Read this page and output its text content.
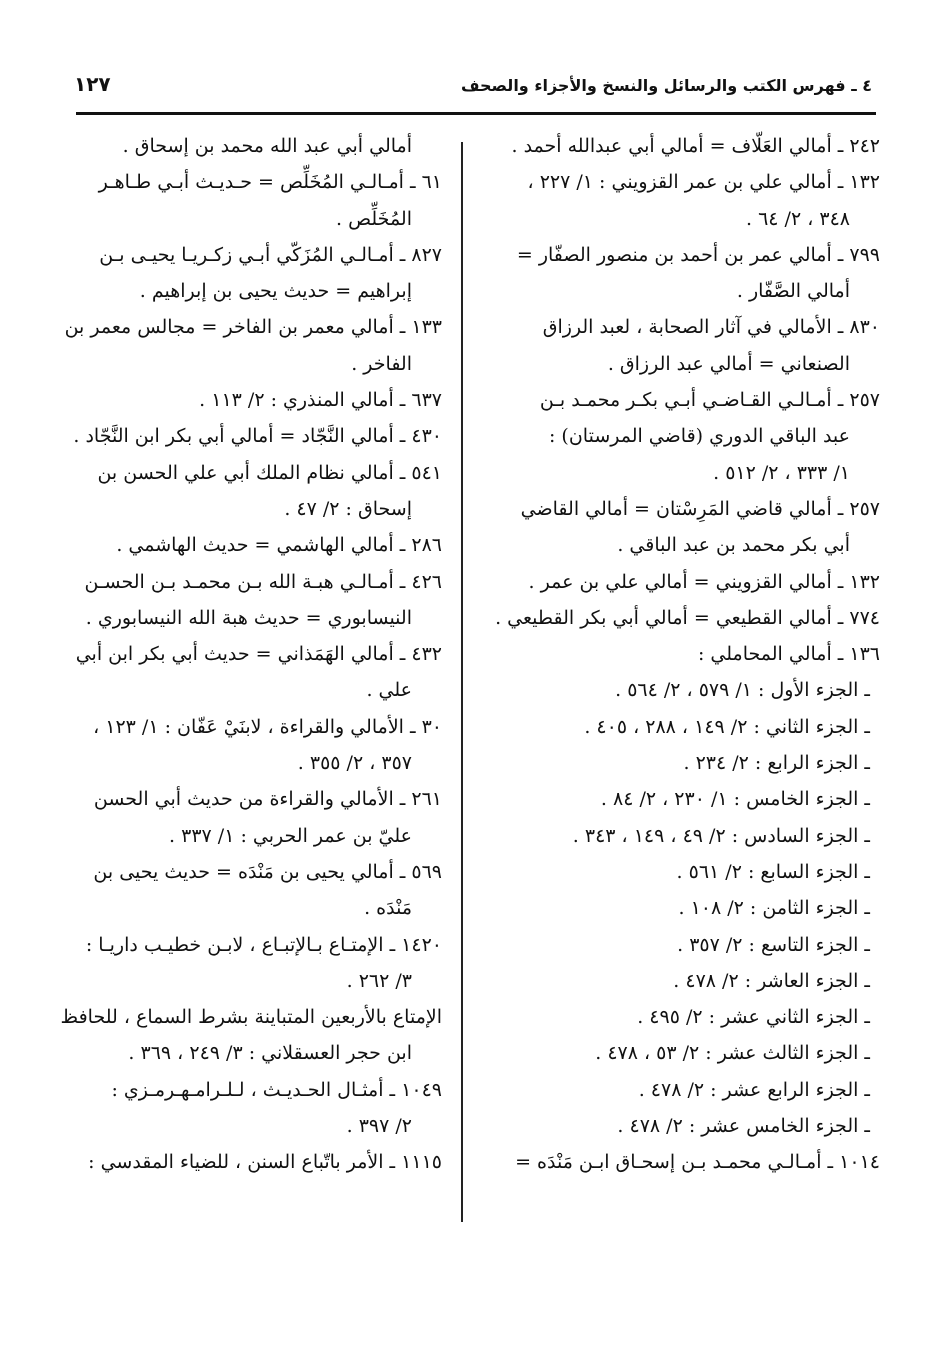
١٢٧	٤ ـ فهرس الكتب والرسائل والنسخ والأجزاء والصحف
٢٤٢ ـ أمالي العَلّاف = أمالي أبي عبدالله أحمد .
١٣٢ ـ أمالي علي بن عمر القزويني : ١/ ٢٢٧ ،
٣٤٨ ، ٢/ ٦٤ .
٧٩٩ ـ أمالي عمر بن أحمد بن منصور الصفّار =
أمالي الصَّفّار .
٨٣٠ ـ الأمالي في آثار الصحابة ، لعبد الرزاق
الصنعاني = أمالي عبد الرزاق .
٢٥٧ ـ أمـالـي القـاضـي أبـي بكـر محمـد بـن
عبد الباقي الدوري (قاضي المرستان) :
١/ ٣٣٣ ، ٢/ ٥١٢ .
٢٥٧ ـ أمالي قاضي المَرِسْتان = أمالي القاضي
أبي بكر محمد بن عبد الباقي .
١٣٢ ـ أمالي القزويني = أمالي علي بن عمر .
٧٧٤ ـ أمالي القطيعي = أمالي أبي بكر القطيعي .
١٣٦ ـ أمالي المحاملي :
ـ الجزء الأول : ١/ ٥٧٩ ، ٢/ ٥٦٤ .
ـ الجزء الثاني : ٢/ ١٤٩ ، ٢٨٨ ، ٤٠٥ .
ـ الجزء الرابع : ٢/ ٢٣٤ .
ـ الجزء الخامس : ١/ ٢٣٠ ، ٢/ ٨٤ .
ـ الجزء السادس : ٢/ ٤٩ ، ١٤٩ ، ٣٤٣ .
ـ الجزء السابع : ٢/ ٥٦١ .
ـ الجزء الثامن : ٢/ ١٠٨ .
ـ الجزء التاسع : ٢/ ٣٥٧ .
ـ الجزء العاشر : ٢/ ٤٧٨ .
ـ الجزء الثاني عشر : ٢/ ٤٩٥ .
ـ الجزء الثالث عشر : ٢/ ٥٣ ، ٤٧٨ .
ـ الجزء الرابع عشر : ٢/ ٤٧٨ .
ـ الجزء الخامس عشر : ٢/ ٤٧٨ .
١٠١٤ ـ أمـالـي محمـد بـن إسحـاق ابـن مَنْدَه =
أمالي أبي عبد الله محمد بن إسحاق .
٦١ ـ أمـالـي المُخَلِّص = حـديـث أبـي طـاهـر
المُخَلِّص .
٨٢٧ ـ أمـالـي المُزَكّي أبـي زكـريـا يحيـى بـن
إبراهيم = حديث يحيى بن إبراهيم .
١٣٣ ـ أمالي معمر بن الفاخر = مجالس معمر بن
الفاخر .
٦٣٧ ـ أمالي المنذري : ٢/ ١١٣ .
٤٣٠ ـ أمالي النَّجّاد = أمالي أبي بكر ابن النَّجّاد .
٥٤١ ـ أمالي نظام الملك أبي علي الحسن بن
إسحاق : ٢/ ٤٧ .
٢٨٦ ـ أمالي الهاشمي = حديث الهاشمي .
٤٢٦ ـ أمـالـي هبـة الله بـن محمـد بـن الحسـن
النيسابوري = حديث هبة الله النيسابوري .
٤٣٢ ـ أمالي الهَمَذاني = حديث أبي بكر ابن أبي
علي .
٣٠ ـ الأمالي والقراءة ، لابنَيْ عَفّان : ١/ ١٢٣ ،
٣٥٧ ، ٢/ ٣٥٥ .
٢٦١ ـ الأمالي والقراءة من حديث أبي الحسن
عليّ بن عمر الحربي : ١/ ٣٣٧ .
٥٦٩ ـ أمالي يحيى بن مَنْدَه = حديث يحيى بن
مَنْدَه .
١٤٢٠ ـ الإمتـاع بـالإتبـاع ، لابـن خطيـب داريـا :
٣/ ٢٦٢ .
الإمتاع بالأربعين المتباينة بشرط السماع ، للحافظ
ابن حجر العسقلاني : ٣/ ٢٤٩ ، ٣٦٩ .
١٠٤٩ ـ أمثـال الحـديـث ، لـلـرامـهـرمـزي :
٢/ ٣٩٧ .
١١١٥ ـ الأمر باتّباع السنن ، للضياء المقدسي :
